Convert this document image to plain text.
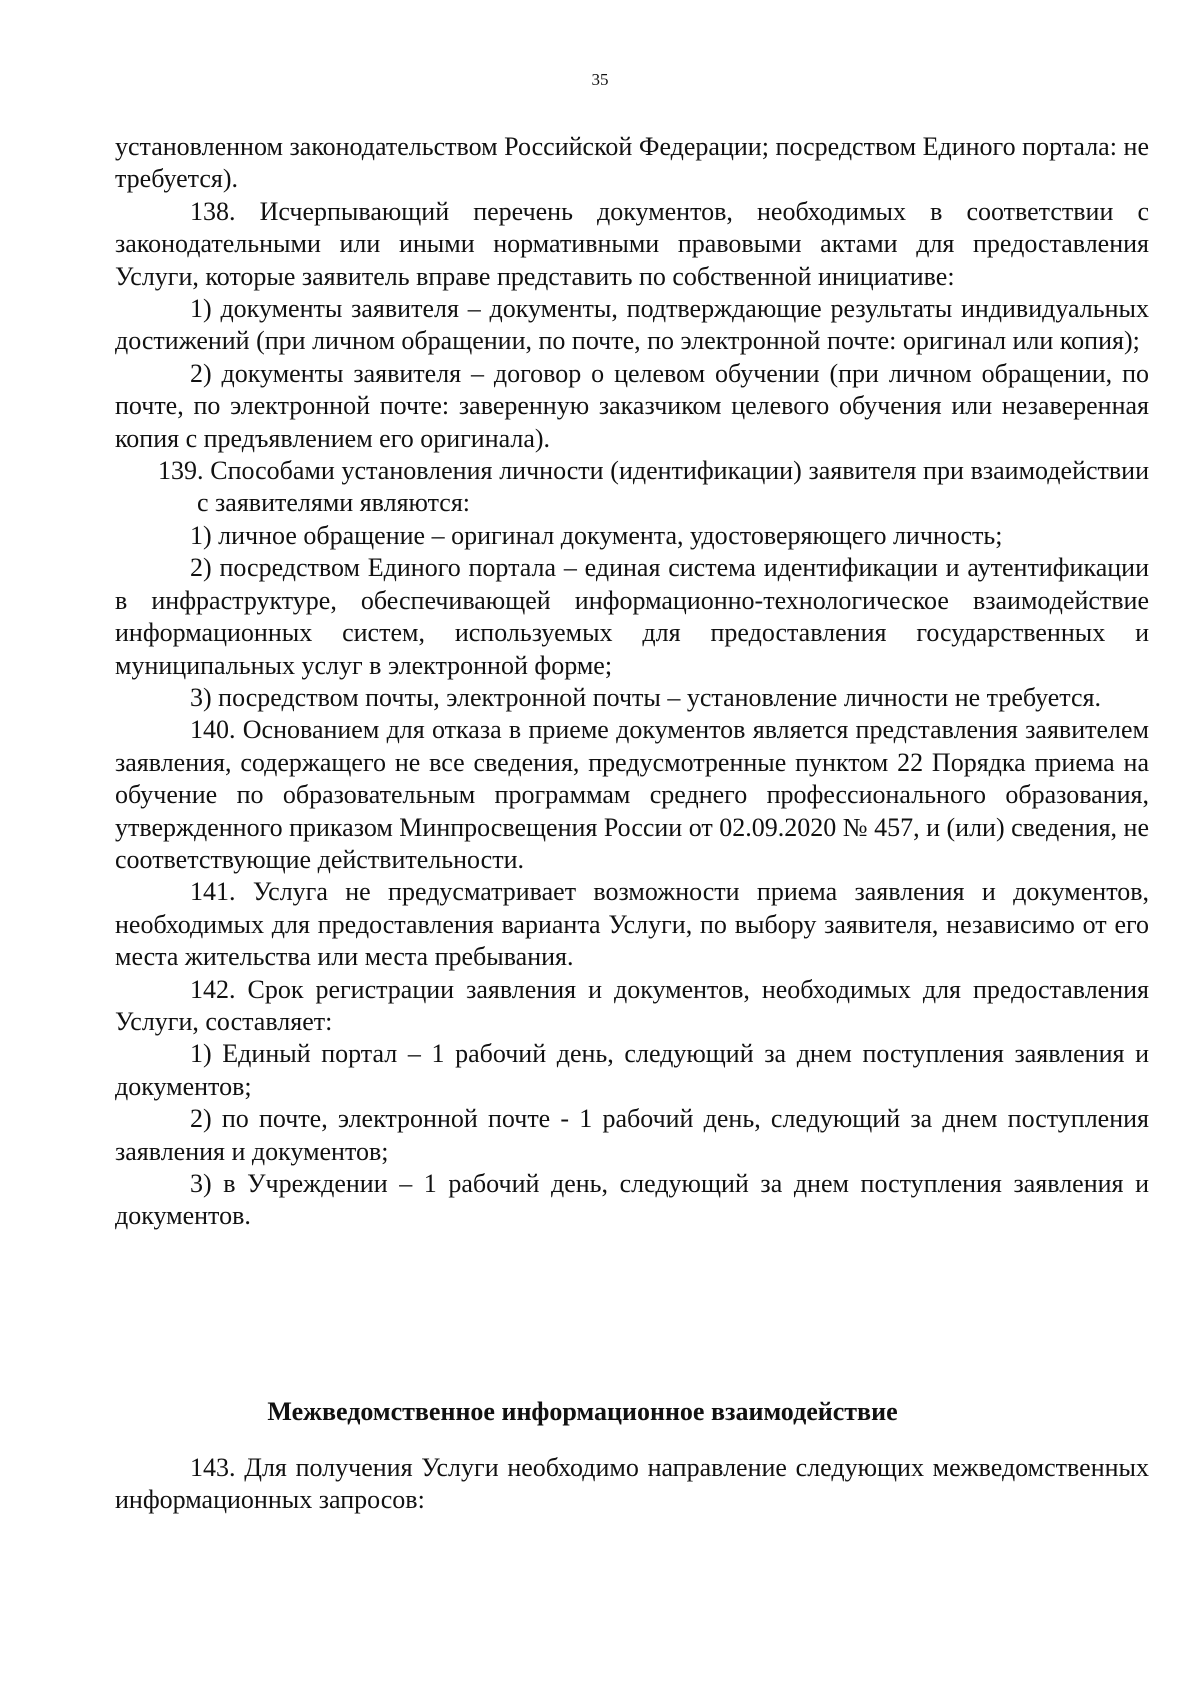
35

установленном законодательством Российской Федерации; посредством Единого портала: не требуется).

138. Исчерпывающий перечень документов, необходимых в соответствии с законодательными или иными нормативными правовыми актами для предоставления Услуги, которые заявитель вправе представить по собственной инициативе:

1) документы заявителя – документы, подтверждающие результаты индивидуальных достижений (при личном обращении, по почте, по электронной почте: оригинал или копия);

2) документы заявителя – договор о целевом обучении (при личном обращении, по почте, по электронной почте: заверенную заказчиком целевого обучения или незаверенная копия с предъявлением его оригинала).

139. Способами установления личности (идентификации) заявителя при взаимодействии с заявителями являются:

1) личное обращение – оригинал документа, удостоверяющего личность;

2) посредством Единого портала – единая система идентификации и аутентификации в инфраструктуре, обеспечивающей информационно-технологическое взаимодействие информационных систем, используемых для предоставления государственных и муниципальных услуг в электронной форме;

3) посредством почты, электронной почты – установление личности не требуется.

140. Основанием для отказа в приеме документов является представления заявителем заявления, содержащего не все сведения, предусмотренные пунктом 22 Порядка приема на обучение по образовательным программам среднего профессионального образования, утвержденного приказом Минпросвещения России от 02.09.2020 № 457, и (или) сведения, не соответствующие действительности.

141. Услуга не предусматривает возможности приема заявления и документов, необходимых для предоставления варианта Услуги, по выбору заявителя, независимо от его места жительства или места пребывания.

142. Срок регистрации заявления и документов, необходимых для предоставления Услуги, составляет:

1) Единый портал – 1 рабочий день, следующий за днем поступления заявления и документов;

2) по почте, электронной почте - 1 рабочий день, следующий за днем поступления заявления и документов;

3) в Учреждении – 1 рабочий день, следующий за днем поступления заявления и документов.

Межведомственное информационное взаимодействие

143. Для получения Услуги необходимо направление следующих межведомственных информационных запросов:
